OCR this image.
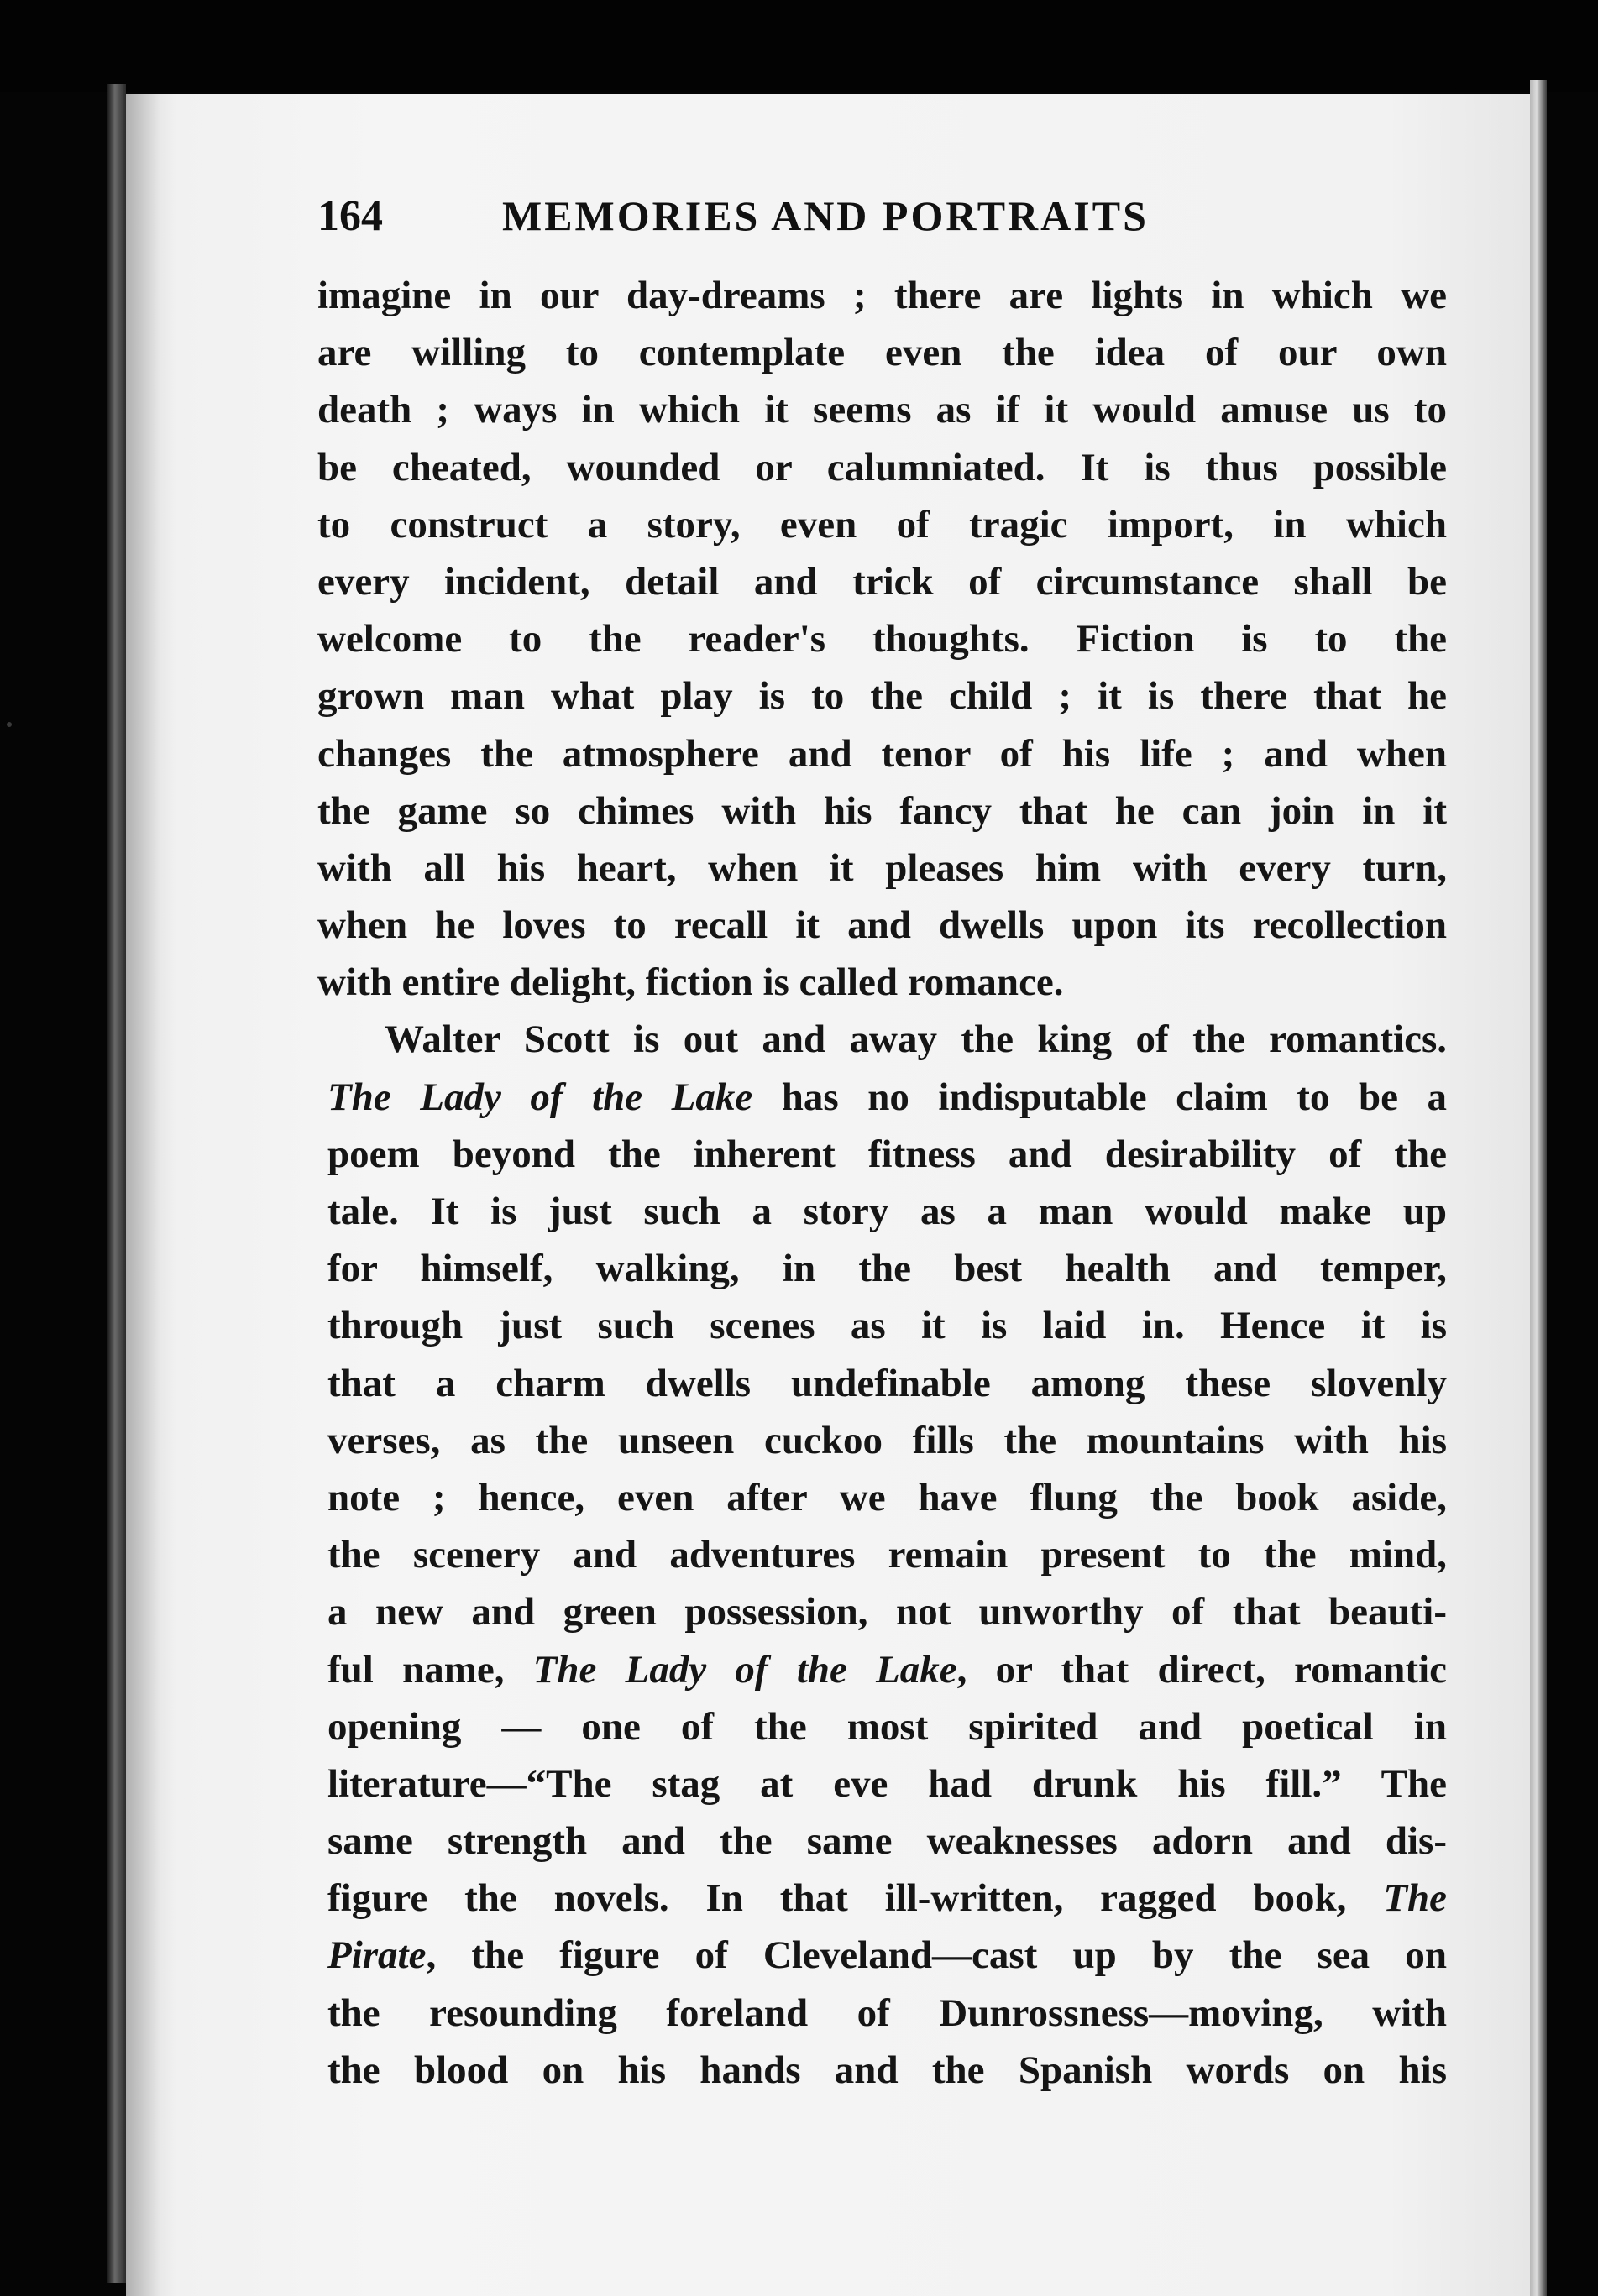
164	MEMORIES AND PORTRAITS
imagine in our day-dreams ; there are lights in which we
are willing to contemplate even the idea of our own
death ; ways in which it seems as if it would amuse us to
be cheated, wounded or calumniated. It is thus possible
to construct a story, even of tragic import, in which
every incident, detail and trick of circumstance shall be
welcome to the reader's thoughts. Fiction is to the
grown man what play is to the child ; it is there that he
changes the atmosphere and tenor of his life ; and when
the game so chimes with his fancy that he can join in it
with all his heart, when it pleases him with every turn,
when he loves to recall it and dwells upon its recollection
with entire delight, fiction is called romance.
Walter Scott is out and away the king of the romantics.
The Lady of the Lake has no indisputable claim to be a
poem beyond the inherent fitness and desirability of the
tale. It is just such a story as a man would make up
for himself, walking, in the best health and temper,
through just such scenes as it is laid in. Hence it is
that a charm dwells undefinable among these slovenly
verses, as the unseen cuckoo fills the mountains with his
note ; hence, even after we have flung the book aside,
the scenery and adventures remain present to the mind,
a new and green possession, not unworthy of that beauti-
ful name, The Lady of the Lake, or that direct, romantic
opening — one of the most spirited and poetical in
literature—“The stag at eve had drunk his fill.” The
same strength and the same weaknesses adorn and dis-
figure the novels. In that ill-written, ragged book, The
Pirate, the figure of Cleveland—cast up by the sea on
the resounding foreland of Dunrossness—moving, with
the blood on his hands and the Spanish words on his
